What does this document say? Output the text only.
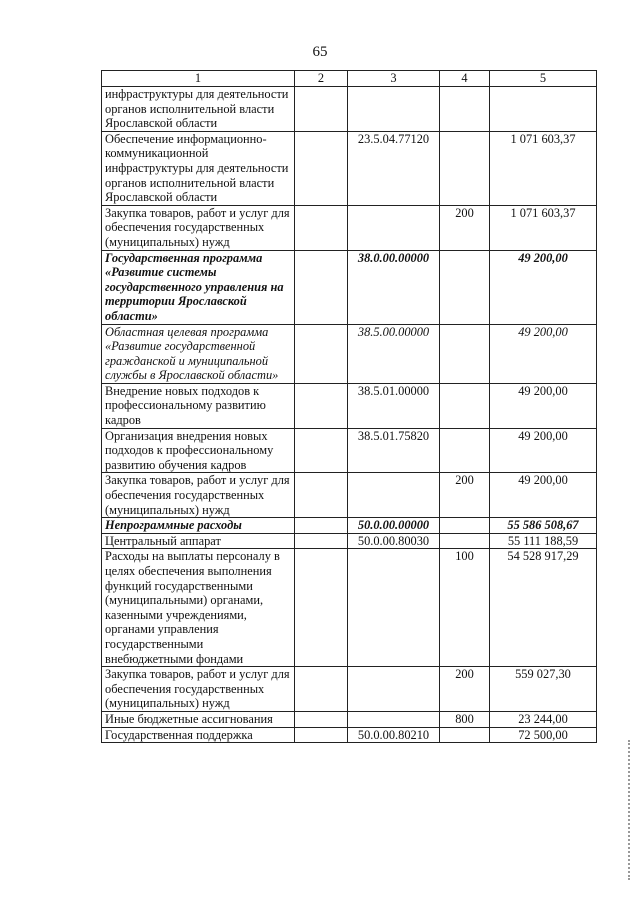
65
1	2	3	4	5
инфраструктуры для деятельности органов исполнительной власти Ярославской области				
Обеспечение информационно-коммуникационной инфраструктуры для деятельности органов исполнительной власти Ярославской области		23.5.04.77120		1 071 603,37
Закупка товаров, работ и услуг для обеспечения государственных (муниципальных) нужд			200	1 071 603,37
Государственная программа «Развитие системы государственного управления на территории Ярославской области»		38.0.00.00000		49 200,00
Областная целевая программа «Развитие государственной гражданской и муниципальной службы в Ярославской области»		38.5.00.00000		49 200,00
Внедрение новых подходов к профессиональному развитию кадров		38.5.01.00000		49 200,00
Организация внедрения новых подходов к профессиональному развитию обучения кадров		38.5.01.75820		49 200,00
Закупка товаров, работ и услуг для обеспечения государственных (муниципальных) нужд			200	49 200,00
Непрограммные расходы		50.0.00.00000		55 586 508,67
Центральный аппарат		50.0.00.80030		55 111 188,59
Расходы на выплаты персоналу в целях обеспечения выполнения функций государственными (муниципальными) органами, казенными учреждениями, органами управления государственными внебюджетными фондами			100	54 528 917,29
Закупка товаров, работ и услуг для обеспечения государственных (муниципальных) нужд			200	559 027,30
Иные бюджетные ассигнования			800	23 244,00
Государственная поддержка		50.0.00.80210		72 500,00
